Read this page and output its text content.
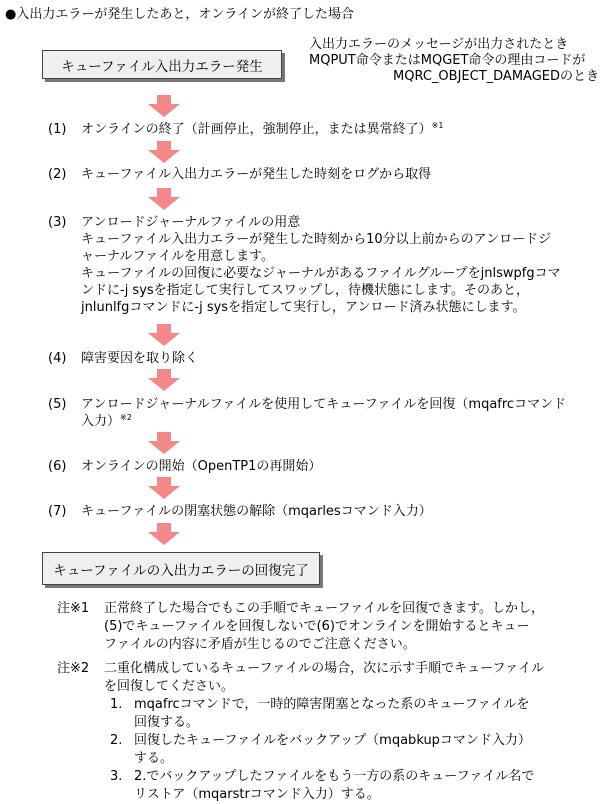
●入出力エラーが発生したあと，オンラインが終了した場合
キューファイル入出力エラー発生
入出力エラーのメッセージが出力されたとき
MQPUT命令またはMQGET命令の理由コードが
MQRC_OBJECT_DAMAGEDのとき
(1) オンラインの終了（計画停止，強制停止，または異常終了）$^{※1}$
(2) キューファイル入出力エラーが発生した時刻をログから取得
(3) アンロードジャーナルファイルの用意
キューファイル入出力エラーが発生した時刻から10分以上前からのアンロードジ
ャーナルファイルを用意します。
キューファイルの回復に必要なジャーナルがあるファイルグループをjnlswpfgコマ
ンドに-j sysを指定して実行してスワップし，待機状態にします。そのあと，
jnlunlfgコマンドに-j sysを指定して実行し，アンロード済み状態にします。
(4) 障害要因を取り除く
(5) アンロードジャーナルファイルを使用してキューファイルを回復（mqafrcコマンド
入力）$^{※2}$
(6) オンラインの開始（OpenTP1の再開始）
(7) キューファイルの閉塞状態の解除（mqarlesコマンド入力）
キューファイルの入出力エラーの回復完了
注※1 正常終了した場合でもこの手順でキューファイルを回復できます。しかし，
(5)でキューファイルを回復しないで(6)でオンラインを開始するとキュー
ファイルの内容に矛盾が生じるのでご注意ください。
注※2 二重化構成しているキューファイルの場合，次に示す手順でキューファイル
を回復してください。
1. mqafrcコマンドで，一時的障害閉塞となった系のキューファイルを
回復する。
2. 回復したキューファイルをバックアップ（mqabkupコマンド入力）
する。
3. 2.でバックアップしたファイルをもう一方の系のキューファイル名で
リストア（mqarstrコマンド入力）する。
